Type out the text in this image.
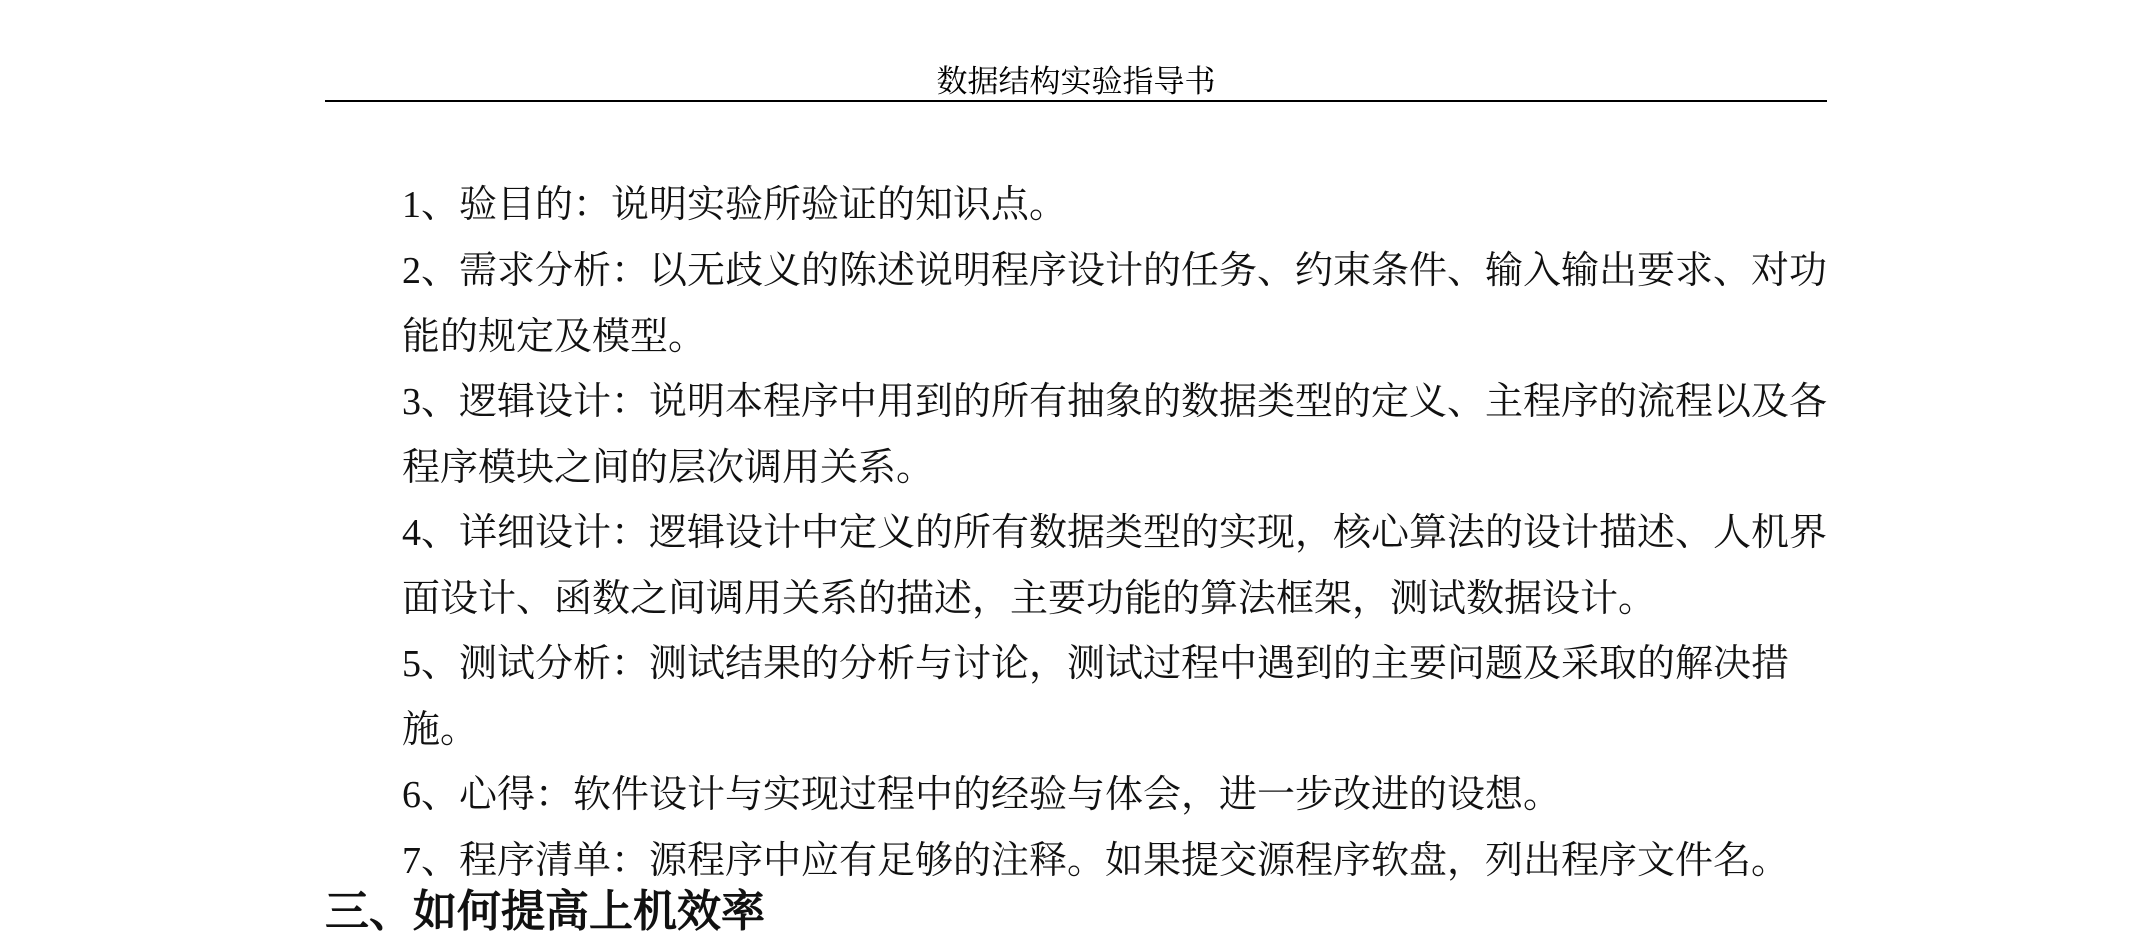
数据结构实验指导书

1、验目的：说明实验所验证的知识点。

2、需求分析：以无歧义的陈述说明程序设计的任务、约束条件、输入输出要求、对功能的规定及模型。

3、逻辑设计：说明本程序中用到的所有抽象的数据类型的定义、主程序的流程以及各程序模块之间的层次调用关系。

4、详细设计：逻辑设计中定义的所有数据类型的实现，核心算法的设计描述、人机界面设计、函数之间调用关系的描述，主要功能的算法框架，测试数据设计。

5、测试分析：测试结果的分析与讨论，测试过程中遇到的主要问题及采取的解决措施。

6、心得：软件设计与实现过程中的经验与体会，进一步改进的设想。

7、程序清单：源程序中应有足够的注释。如果提交源程序软盘，列出程序文件名。

三、如何提高上机效率
